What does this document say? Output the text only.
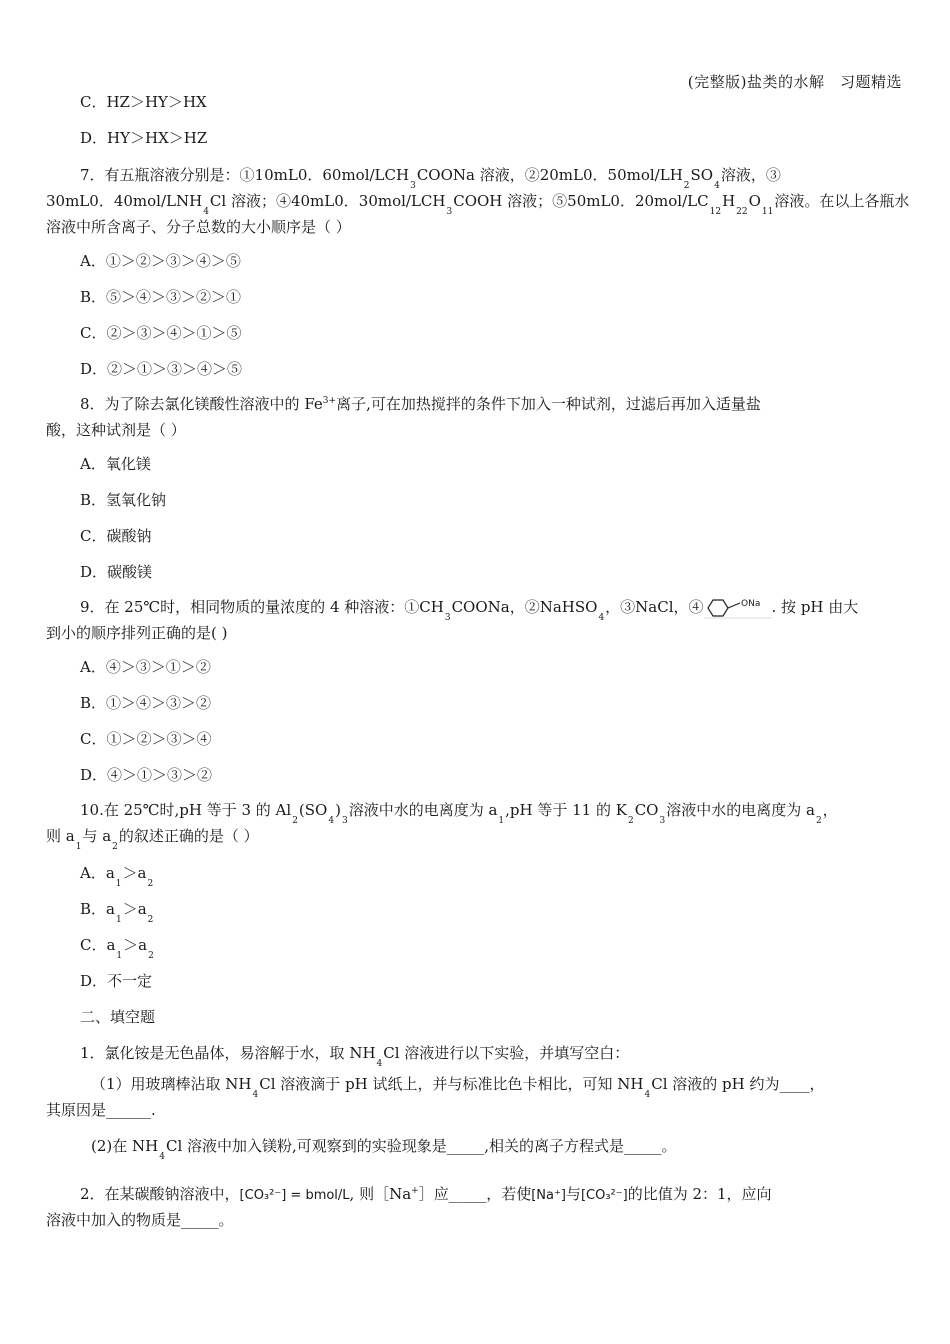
(完整版)盐类的水解　习题精选
C．HZ＞HY＞HX
D．HY＞HX＞HZ
7．有五瓶溶液分别是：①10mL0．$60mol/LCH_3COONa$ 溶液，②20mL0．$50mol/LH_2SO_4$溶液，③
30mL0．$40mol/LNH_4Cl$ 溶液；④40mL0．$30mol/LCH_3COOH$ 溶液；⑤50mL0．$20mol/LC_{12}H_{22}O_{11}$溶液。在以上各瓶水
溶液中所含离子、分子总数的大小顺序是（ ）
A．①＞②＞③＞④＞⑤
B．⑤＞④＞③＞②＞①
C．②＞③＞④＞①＞⑤
D．②＞①＞③＞④＞⑤
8．为了除去氯化镁酸性溶液中的 $Fe^{3+}$离子,可在加热搅拌的条件下加入一种试剂，过滤后再加入适量盐
酸，这种试剂是（ ）
A．氧化镁
B．氢氧化钠
C．碳酸钠
D．碳酸镁
9．在 25℃时，相同物质的量浓度的 4 种溶液：$①CH_3COONa$，②NaHSO$_4$，③NaCl，④	ONa . 按 pH 由大
到小的顺序排列正确的是( )
A．④＞③＞①＞②
B．①＞④＞③＞②
C．①＞②＞③＞④
D．④＞①＞③＞②
10.在 25℃时,pH 等于 3 的 $Al_2(SO_4)_3$溶液中水的电离度为 $a_1,pH$ 等于 11 的 $K_2CO_3$溶液中水的电离度为 $a_2$，
则 $a_1$与 $a_2$的叙述正确的是（ ）
A．$a_1>a_2$
B．$a_1>a_2$
C．$a_1>a_2$
D．不一定
二、填空题
1．氯化铵是无色晶体，易溶解于水，取 $NH_4Cl$ 溶液进行以下实验，并填写空白：
（1）用玻璃棒沾取 $NH_4Cl$ 溶液滴于 pH 试纸上，并与标准比色卡相比，可知 $NH_4Cl$ 溶液的 pH 约为____，
其原因是______.
(2)在 $NH_4Cl$ 溶液中加入镁粉,可观察到的实验现象是_____,相关的离子方程式是_____。
2．在某碳酸钠溶液中，[CO₃²⁻] = bmol/L, 则［Na+］应_____，若使[Na⁺]与[CO₃²⁻]的比值为 2：1，应向
溶液中加入的物质是_____。
